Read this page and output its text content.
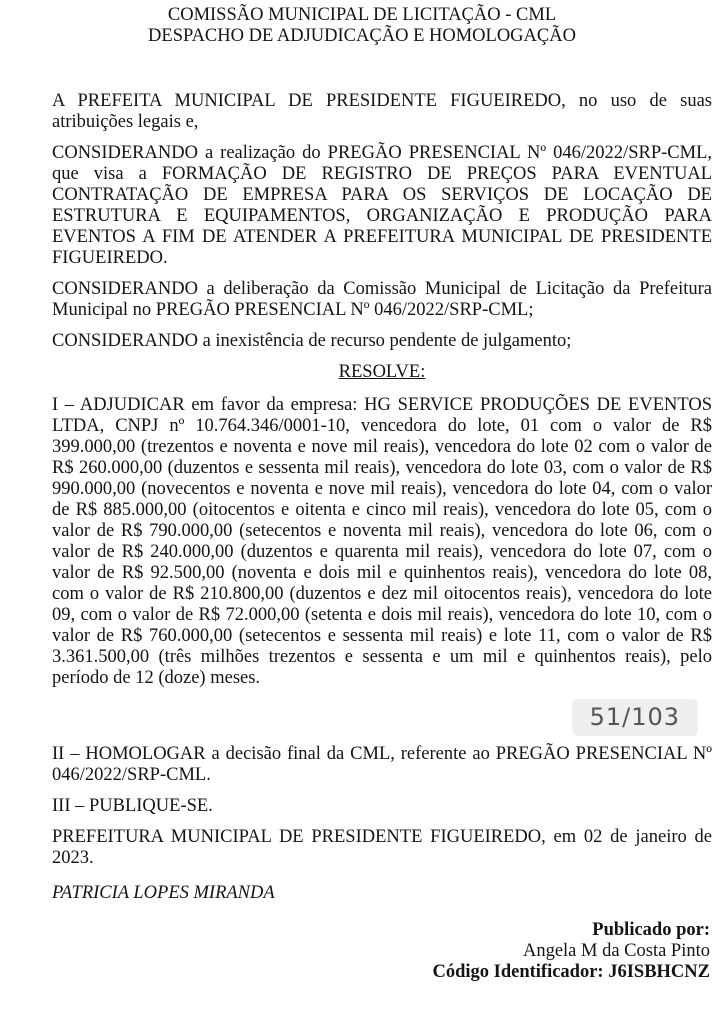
COMISSÃO MUNICIPAL DE LICITAÇÃO - CML
DESPACHO DE ADJUDICAÇÃO E HOMOLOGAÇÃO

A PREFEITA MUNICIPAL DE PRESIDENTE FIGUEIREDO, no uso de suas atribuições legais e,

CONSIDERANDO a realização do PREGÃO PRESENCIAL Nº 046/2022/SRP-CML, que visa a FORMAÇÃO DE REGISTRO DE PREÇOS PARA EVENTUAL CONTRATAÇÃO DE EMPRESA PARA OS SERVIÇOS DE LOCAÇÃO DE ESTRUTURA E EQUIPAMENTOS, ORGANIZAÇÃO E PRODUÇÃO PARA EVENTOS A FIM DE ATENDER A PREFEITURA MUNICIPAL DE PRESIDENTE FIGUEIREDO.

CONSIDERANDO a deliberação da Comissão Municipal de Licitação da Prefeitura Municipal no PREGÃO PRESENCIAL Nº 046/2022/SRP-CML;

CONSIDERANDO a inexistência de recurso pendente de julgamento;

RESOLVE:

I – ADJUDICAR em favor da empresa: HG SERVICE PRODUÇÕES DE EVENTOS LTDA, CNPJ nº 10.764.346/0001-10, vencedora do lote, 01 com o valor de R$ 399.000,00 (trezentos e noventa e nove mil reais), vencedora do lote 02 com o valor de R$ 260.000,00 (duzentos e sessenta mil reais), vencedora do lote 03, com o valor de R$ 990.000,00 (novecentos e noventa e nove mil reais), vencedora do lote 04, com o valor de R$ 885.000,00 (oitocentos e oitenta e cinco mil reais), vencedora do lote 05, com o valor de R$ 790.000,00 (setecentos e noventa mil reais), vencedora do lote 06, com o valor de R$ 240.000,00 (duzentos e quarenta mil reais), vencedora do lote 07, com o valor de R$ 92.500,00 (noventa e dois mil e quinhentos reais), vencedora do lote 08, com o valor de R$ 210.800,00 (duzentos e dez mil oitocentos reais), vencedora do lote 09, com o valor de R$ 72.000,00 (setenta e dois mil reais), vencedora do lote 10, com o valor de R$ 760.000,00 (setecentos e sessenta mil reais) e lote 11, com o valor de R$ 3.361.500,00 (três milhões trezentos e sessenta e um mil e quinhentos reais), pelo período de 12 (doze) meses.

51/103

II – HOMOLOGAR a decisão final da CML, referente ao PREGÃO PRESENCIAL Nº 046/2022/SRP-CML.

III – PUBLIQUE-SE.

PREFEITURA MUNICIPAL DE PRESIDENTE FIGUEIREDO, em 02 de janeiro de 2023.

PATRICIA LOPES MIRANDA

Publicado por:
Angela M da Costa Pinto
Código Identificador: J6ISBHCNZ
